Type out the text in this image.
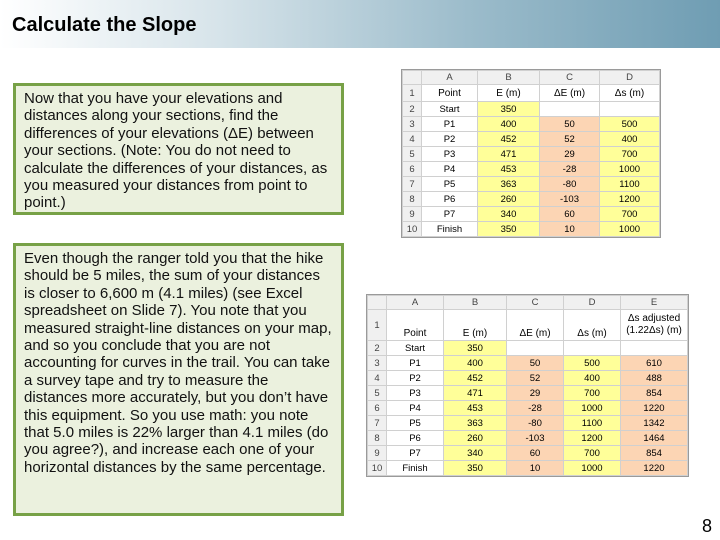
Calculate the Slope
Now that you have your elevations and distances along your sections, find the differences of your elevations (ΔE) between your sections. (Note: You do not need to calculate the differences of your distances, as you measured your distances from point to point.)
Even though the ranger told you that the hike should be 5 miles, the sum of your distances is closer to 6,600 m (4.1 miles) (see Excel spreadsheet on Slide 7). You note that you measured straight-line distances on your map, and so you conclude that you are not accounting for curves in the trail. You can take a survey tape and try to measure the distances more accurately, but you don’t have this equipment. So you use math: you note that 5.0 miles is 22% larger than 4.1 miles (do you agree?), and increase each one of your horizontal distances by the same percentage.
	A	B	C	D
1	Point	E (m)	ΔE (m)	Δs (m)
2	Start	350		
3	P1	400	50	500
4	P2	452	52	400
5	P3	471	29	700
6	P4	453	-28	1000
7	P5	363	-80	1100
8	P6	260	-103	1200
9	P7	340	60	700
10	Finish	350	10	1000
	A	B	C	D	E
1	Point	E (m)	ΔE (m)	Δs (m)	Δs adjusted (1.22Δs) (m)
2	Start	350			
3	P1	400	50	500	610
4	P2	452	52	400	488
5	P3	471	29	700	854
6	P4	453	-28	1000	1220
7	P5	363	-80	1100	1342
8	P6	260	-103	1200	1464
9	P7	340	60	700	854
10	Finish	350	10	1000	1220
8
